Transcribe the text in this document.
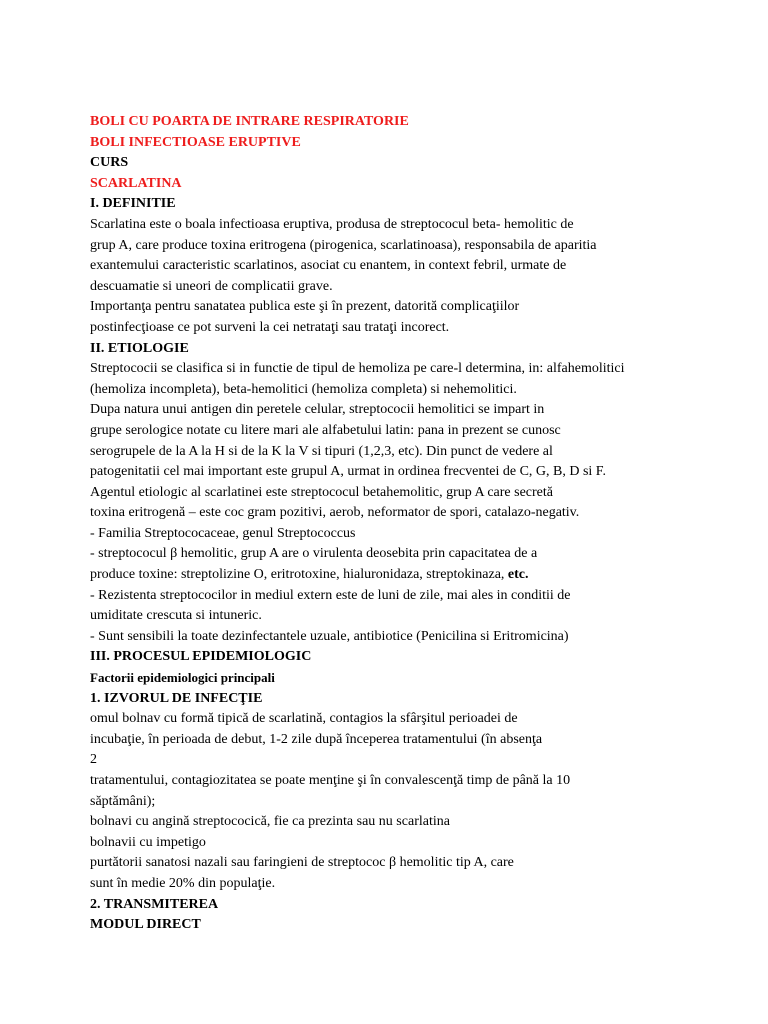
BOLI CU POARTA DE INTRARE RESPIRATORIE
BOLI INFECTIOASE ERUPTIVE
CURS
SCARLATINA
I. DEFINITIE
Scarlatina este o boala infectioasa eruptiva, produsa de streptococul beta- hemolitic de
grup A, care produce toxina eritrogena (pirogenica, scarlatinoasa), responsabila de aparitia
exantemului caracteristic scarlatinos, asociat cu enantem, in context febril, urmate de
descuamatie si uneori de complicatii grave.
Importanţa pentru sanatatea publica este şi în prezent, datorită complicaţiilor
postinfecţioase ce pot surveni la cei netrataţi sau trataţi incorect.
II. ETIOLOGIE
Streptococii se clasifica si in functie de tipul de hemoliza pe care-l determina, in: alfahemolitici
(hemoliza incompleta), beta-hemolitici (hemoliza completa) si nehemolitici.
Dupa natura unui antigen din peretele celular, streptococii hemolitici se impart in
grupe serologice notate cu litere mari ale alfabetului latin: pana in prezent se cunosc
serogrupele de la A la H si de la K la V si tipuri (1,2,3, etc). Din punct de vedere al
patogenitatii cel mai important este grupul A, urmat in ordinea frecventei de C, G, B, D si F.
Agentul etiologic al scarlatinei este streptococul betahemolitic, grup A care secretă
toxina eritrogenă – este coc gram pozitivi, aerob, neformator de spori, catalazo-negativ.
- Familia Streptococaceae, genul Streptococcus
- streptococul β hemolitic, grup A are o virulenta deosebita prin capacitatea de a
produce toxine: streptolizine O, eritrotoxine, hialuronidaza, streptokinaza, etc.
- Rezistenta streptococilor in mediul extern este de luni de zile, mai ales in conditii de
umiditate crescuta si intuneric.
- Sunt sensibili la toate dezinfectantele uzuale, antibiotice (Penicilina si Eritromicina)
III. PROCESUL EPIDEMIOLOGIC
Factorii epidemiologici principali
1. IZVORUL DE INFECŢIE
omul bolnav cu formă tipică de scarlatină, contagios la sfârşitul perioadei de
incubaţie, în perioada de debut, 1-2 zile după începerea tratamentului (în absenţa
2
tratamentului, contagiozitatea se poate menţine şi în convalescenţă timp de până la 10
săptămâni);
bolnavi cu angină streptococică, fie ca prezinta sau nu scarlatina
bolnavii cu impetigo
purtătorii sanatosi nazali sau faringieni de streptococ β hemolitic tip A, care
sunt în medie 20% din populaţie.
2. TRANSMITEREA
MODUL DIRECT
